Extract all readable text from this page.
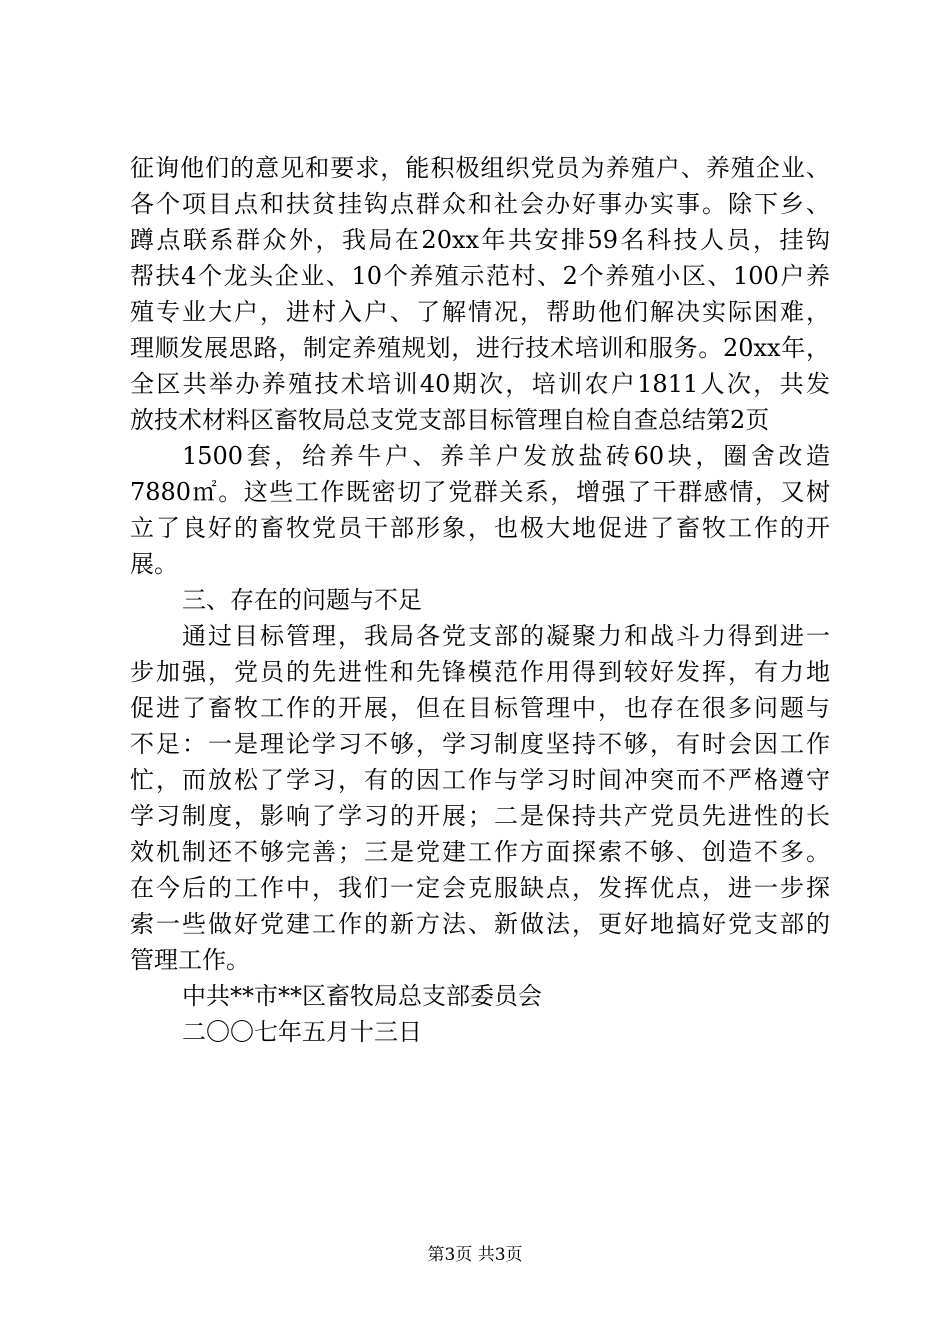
征询他们的意见和要求，能积极组织党员为养殖户、养殖企业、
各个项目点和扶贫挂钩点群众和社会办好事办实事。除下乡、
蹲点联系群众外，我局在20xx年共安排59名科技人员，挂钩
帮扶4个龙头企业、10个养殖示范村、2个养殖小区、100户养
殖专业大户，进村入户、了解情况，帮助他们解决实际困难，
理顺发展思路，制定养殖规划，进行技术培训和服务。20xx年，
全区共举办养殖技术培训40期次，培训农户1811人次，共发
放技术材料区畜牧局总支党支部目标管理自检自查总结第2页
1500套，给养牛户、养羊户发放盐砖60块，圈舍改造
7880㎡。这些工作既密切了党群关系，增强了干群感情，又树
立了良好的畜牧党员干部形象，也极大地促进了畜牧工作的开
展。
三、存在的问题与不足
通过目标管理，我局各党支部的凝聚力和战斗力得到进一
步加强，党员的先进性和先锋模范作用得到较好发挥，有力地
促进了畜牧工作的开展，但在目标管理中，也存在很多问题与
不足：一是理论学习不够，学习制度坚持不够，有时会因工作
忙，而放松了学习，有的因工作与学习时间冲突而不严格遵守
学习制度，影响了学习的开展；二是保持共产党员先进性的长
效机制还不够完善；三是党建工作方面探索不够、创造不多。
在今后的工作中，我们一定会克服缺点，发挥优点，进一步探
索一些做好党建工作的新方法、新做法，更好地搞好党支部的
管理工作。
中共**市**区畜牧局总支部委员会
二〇〇七年五月十三日
第3页 共3页
